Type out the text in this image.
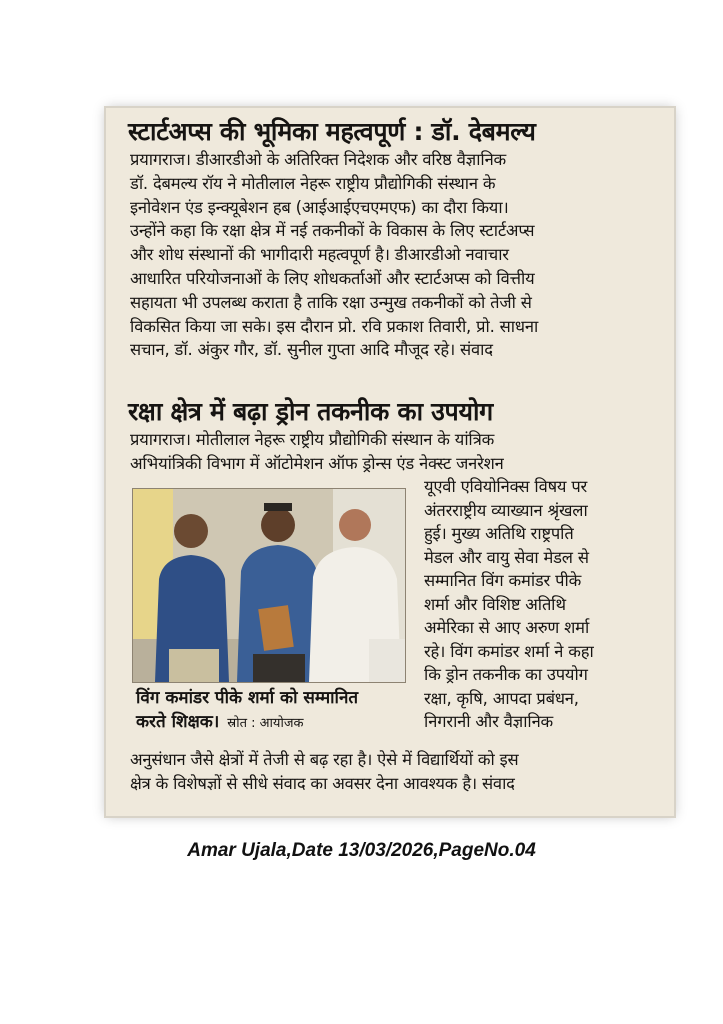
स्टार्टअप्स की भूमिका महत्वपूर्ण : डॉ. देबमल्य

प्रयागराज। डीआरडीओ के अतिरिक्त निदेशक और वरिष्ठ वैज्ञानिक

डॉ. देबमल्य रॉय ने मोतीलाल नेहरू राष्ट्रीय प्रौद्योगिकी संस्थान के

इनोवेशन एंड इन्क्यूबेशन हब (आईआईएचएमएफ) का दौरा किया।

उन्होंने कहा कि रक्षा क्षेत्र में नई तकनीकों के विकास के लिए स्टार्टअप्स

और शोध संस्थानों की भागीदारी महत्वपूर्ण है। डीआरडीओ नवाचार

आधारित परियोजनाओं के लिए शोधकर्ताओं और स्टार्टअप्स को वित्तीय

सहायता भी उपलब्ध कराता है ताकि रक्षा उन्मुख तकनीकों को तेजी से

विकसित किया जा सके। इस दौरान प्रो. रवि प्रकाश तिवारी, प्रो. साधना

सचान, डॉ. अंकुर गौर, डॉ. सुनील गुप्ता आदि मौजूद रहे। संवाद

रक्षा क्षेत्र में बढ़ा ड्रोन तकनीक का उपयोग

प्रयागराज। मोतीलाल नेहरू राष्ट्रीय प्रौद्योगिकी संस्थान के यांत्रिक

अभियांत्रिकी विभाग में ऑटोमेशन ऑफ ड्रोन्स एंड नेक्स्ट जनरेशन

यूएवी एवियोनिक्स विषय पर

अंतरराष्ट्रीय व्याख्यान श्रृंखला

हुई। मुख्य अतिथि राष्ट्रपति

मेडल और वायु सेवा मेडल से

सम्मानित विंग कमांडर पीके

शर्मा और विशिष्ट अतिथि

अमेरिका से आए अरुण शर्मा

रहे। विंग कमांडर शर्मा ने कहा

कि ड्रोन तकनीक का उपयोग

रक्षा, कृषि, आपदा प्रबंधन,

निगरानी और वैज्ञानिक

विंग कमांडर पीके शर्मा को सम्मानित

करते शिक्षक। स्रोत : आयोजक

अनुसंधान जैसे क्षेत्रों में तेजी से बढ़ रहा है। ऐसे में विद्यार्थियों को इस

क्षेत्र के विशेषज्ञों से सीधे संवाद का अवसर देना आवश्यक है। संवाद

Amar Ujala,Date 13/03/2026,PageNo.04
